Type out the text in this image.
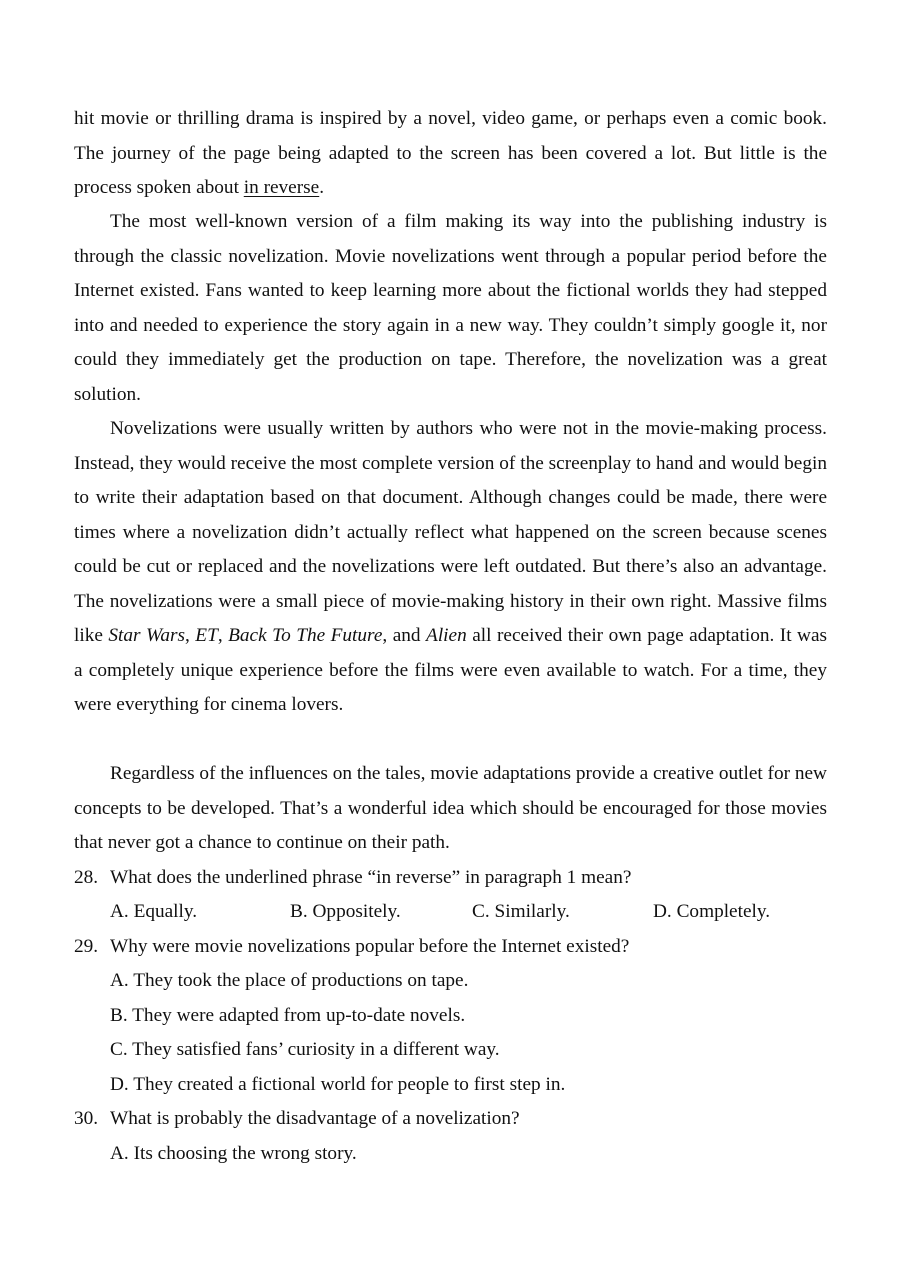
hit movie or thrilling drama is inspired by a novel, video game, or perhaps even a comic book. The journey of the page being adapted to the screen has been covered a lot. But little is the process spoken about in reverse.

The most well-known version of a film making its way into the publishing industry is through the classic novelization. Movie novelizations went through a popular period before the Internet existed. Fans wanted to keep learning more about the fictional worlds they had stepped into and needed to experience the story again in a new way. They couldn’t simply google it, nor could they immediately get the production on tape. Therefore, the novelization was a great solution.

Novelizations were usually written by authors who were not in the movie-making process. Instead, they would receive the most complete version of the screenplay to hand and would begin to write their adaptation based on that document. Although changes could be made, there were times where a novelization didn’t actually reflect what happened on the screen because scenes could be cut or replaced and the novelizations were left outdated. But there’s also an advantage. The novelizations were a small piece of movie-making history in their own right. Massive films like Star Wars, ET, Back To The Future, and Alien all received their own page adaptation. It was a completely unique experience before the films were even available to watch. For a time, they were everything for cinema lovers.

Regardless of the influences on the tales, movie adaptations provide a creative outlet for new concepts to be developed. That’s a wonderful idea which should be encouraged for those movies that never got a chance to continue on their path.

28. What does the underlined phrase “in reverse” in paragraph 1 mean?
A. Equally.	B. Oppositely.	C. Similarly.	D. Completely.
29. Why were movie novelizations popular before the Internet existed?
A. They took the place of productions on tape.
B. They were adapted from up-to-date novels.
C. They satisfied fans’ curiosity in a different way.
D. They created a fictional world for people to first step in.
30. What is probably the disadvantage of a novelization?
A. Its choosing the wrong story.
